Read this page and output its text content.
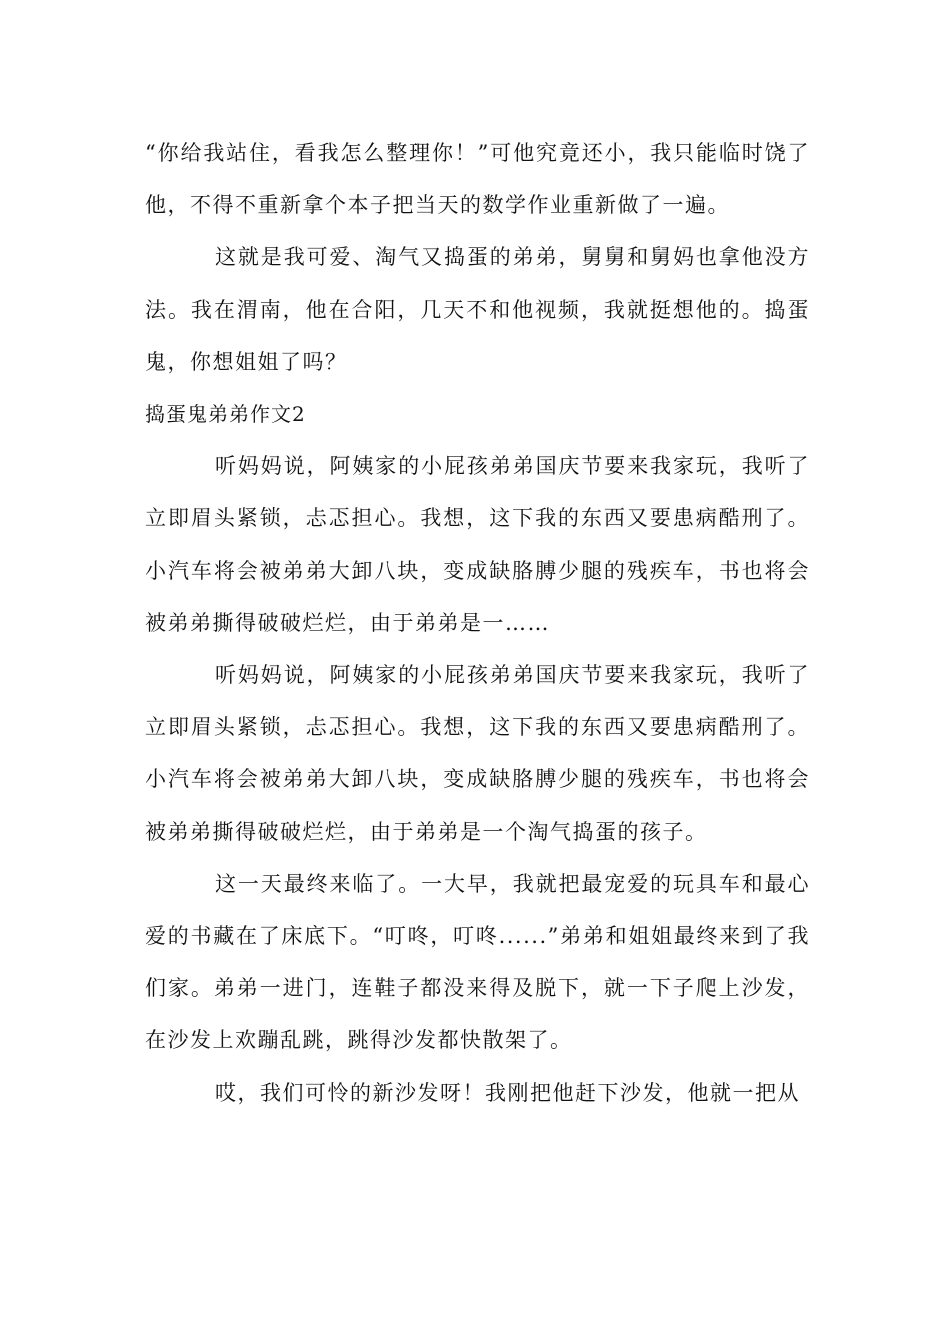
“你给我站住，看我怎么整理你！”可他究竟还小，我只能临时饶了他，不得不重新拿个本子把当天的数学作业重新做了一遍。

这就是我可爱、淘气又捣蛋的弟弟，舅舅和舅妈也拿他没方法。我在渭南，他在合阳，几天不和他视频，我就挺想他的。捣蛋鬼，你想姐姐了吗？

捣蛋鬼弟弟作文2

听妈妈说，阿姨家的小屁孩弟弟国庆节要来我家玩，我听了立即眉头紧锁，忐忑担心。我想，这下我的东西又要患病酷刑了。小汽车将会被弟弟大卸八块，变成缺胳膊少腿的残疾车，书也将会被弟弟撕得破破烂烂，由于弟弟是一……

听妈妈说，阿姨家的小屁孩弟弟国庆节要来我家玩，我听了立即眉头紧锁，忐忑担心。我想，这下我的东西又要患病酷刑了。小汽车将会被弟弟大卸八块，变成缺胳膊少腿的残疾车，书也将会被弟弟撕得破破烂烂，由于弟弟是一个淘气捣蛋的孩子。

这一天最终来临了。一大早，我就把最宠爱的玩具车和最心爱的书藏在了床底下。“叮咚，叮咚......”弟弟和姐姐最终来到了我们家。弟弟一进门，连鞋子都没来得及脱下，就一下子爬上沙发，在沙发上欢蹦乱跳，跳得沙发都快散架了。

哎，我们可怜的新沙发呀！我刚把他赶下沙发，他就一把从
